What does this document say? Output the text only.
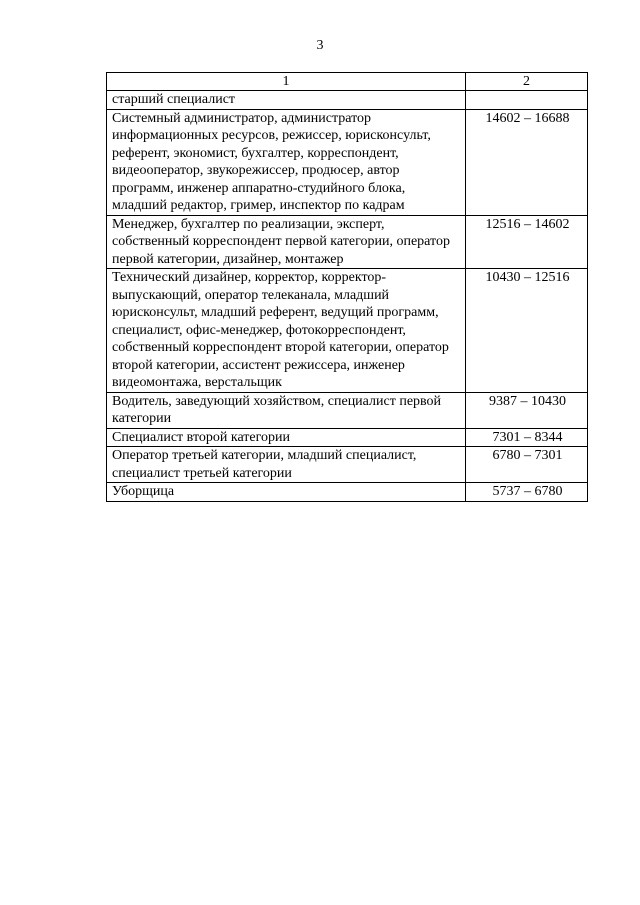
3
1	2
старший специалист	
Системный администратор, администратор информационных ресурсов, режиссер, юрисконсульт, референт, экономист, бухгалтер, корреспондент, видеооператор, звукорежиссер, продюсер, автор программ, инженер аппаратно-студийного блока, младший редактор, гример, инспектор по кадрам	14602 – 16688
Менеджер, бухгалтер по реализации, эксперт, собственный корреспондент первой категории, оператор первой категории, дизайнер, монтажер	12516 – 14602
Технический дизайнер, корректор, корректор-выпускающий, оператор телеканала, младший юрисконсульт, младший референт, ведущий программ, специалист, офис-менеджер, фотокорреспондент, собственный корреспондент второй категории, оператор второй категории, ассистент режиссера, инженер видеомонтажа, верстальщик	10430 – 12516
Водитель, заведующий хозяйством, специалист первой категории	9387 – 10430
Специалист второй категории	7301 – 8344
Оператор третьей категории, младший специалист, специалист третьей категории	6780 – 7301
Уборщица	5737 – 6780
